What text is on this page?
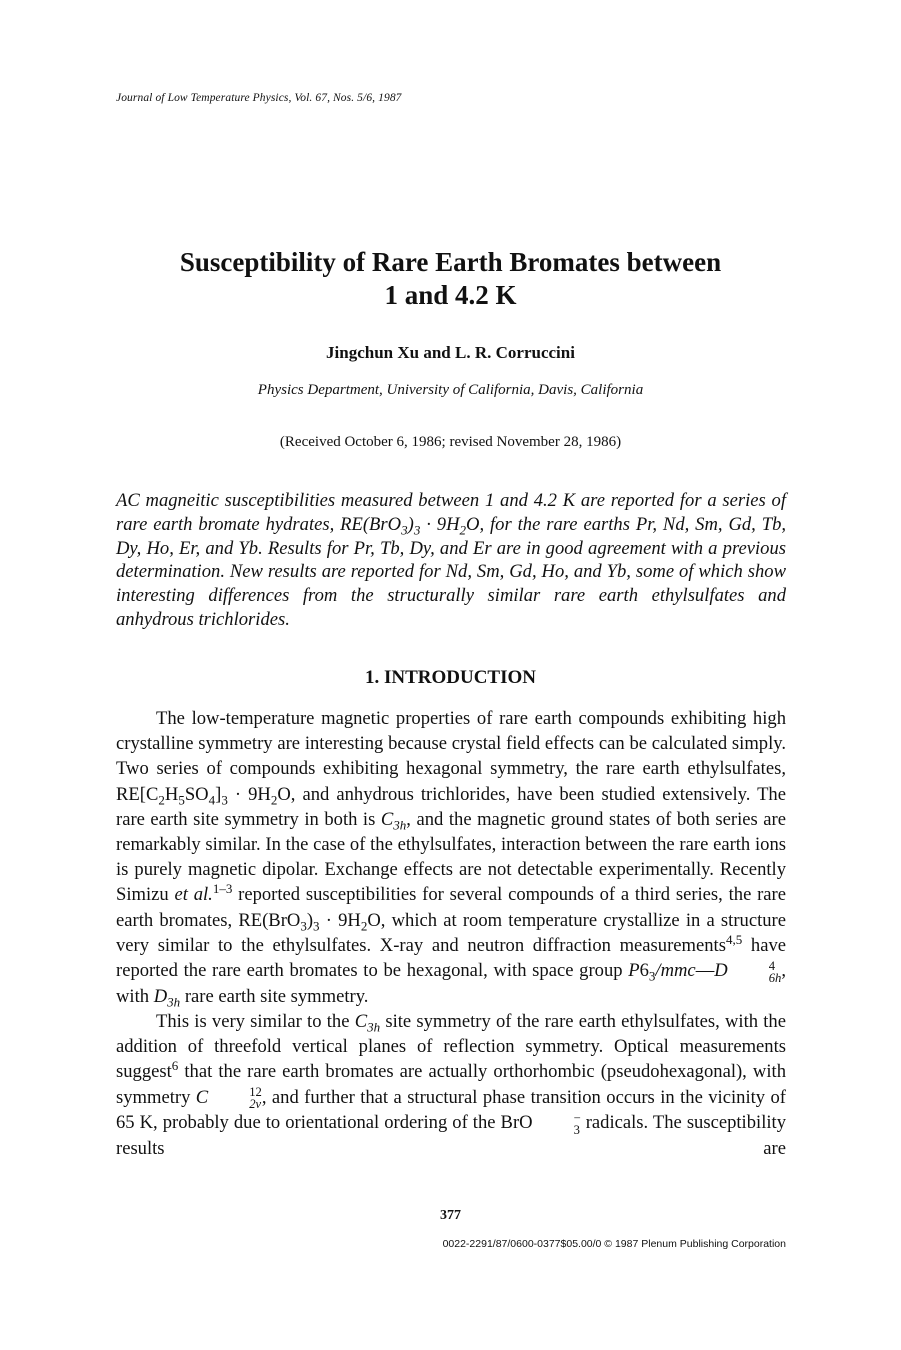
Journal of Low Temperature Physics, Vol. 67, Nos. 5/6, 1987
Susceptibility of Rare Earth Bromates between
1 and 4.2 K
Jingchun Xu and L. R. Corruccini
Physics Department, University of California, Davis, California
(Received October 6, 1986; revised November 28, 1986)

AC magneitic susceptibilities measured between 1 and 4.2 K are reported for a series of rare earth bromate hydrates, $RE(BrO_3)_3 \cdot 9H_2O$, for the rare earths Pr, Nd, Sm, Gd, Tb, Dy, Ho, Er, and Yb. Results for Pr, Tb, Dy, and Er are in good agreement with a previous determination. New results are reported for Nd, Sm, Gd, Ho, and Yb, some of which show interesting differences from the structurally similar rare earth ethylsulfates and anhydrous trichlorides.

1. INTRODUCTION

The low-temperature magnetic properties of rare earth compounds exhibiting high crystalline symmetry are interesting because crystal field effects can be calculated simply. Two series of compounds exhibiting hexagonal symmetry, the rare earth ethylsulfates, $RE[C_2H_5SO_4]_3 \cdot 9H_2O$, and anhydrous trichlorides, have been studied extensively. The rare earth site symmetry in both is $C_{3h}$, and the magnetic ground states of both series are remarkably similar. In the case of the ethylsulfates, interaction between the rare earth ions is purely magnetic dipolar. Exchange effects are not detectable experimentally. Recently Simizu et al.$^{1-3}$ reported susceptibilities for several compounds of a third series, the rare earth bromates, $RE(BrO_3)_3 \cdot 9H_2O$, which at room temperature crystallize in a structure very similar to the ethylsulfates. X-ray and neutron diffraction measurements$^{4,5}$ have reported the rare earth bromates to be hexagonal, with space group $P6_3/mmc—D$	4
6h , with $D_{3h}$ rare earth site symmetry.

This is very similar to the $C_{3h}$ site symmetry of the rare earth ethylsulfates, with the addition of threefold vertical planes of reflection symmetry. Optical measurements suggest$^6$ that the rare earth bromates are actually orthorhombic (pseudohexagonal), with symmetry C	12
2v , and further that a structural phase transition occurs in the vicinity of 65 K, probably due to orientational ordering of the BrO	−
3 radicals. The susceptibility results are

377
0022-2291/87/0600-0377$05.00/0 © 1987 Plenum Publishing Corporation
